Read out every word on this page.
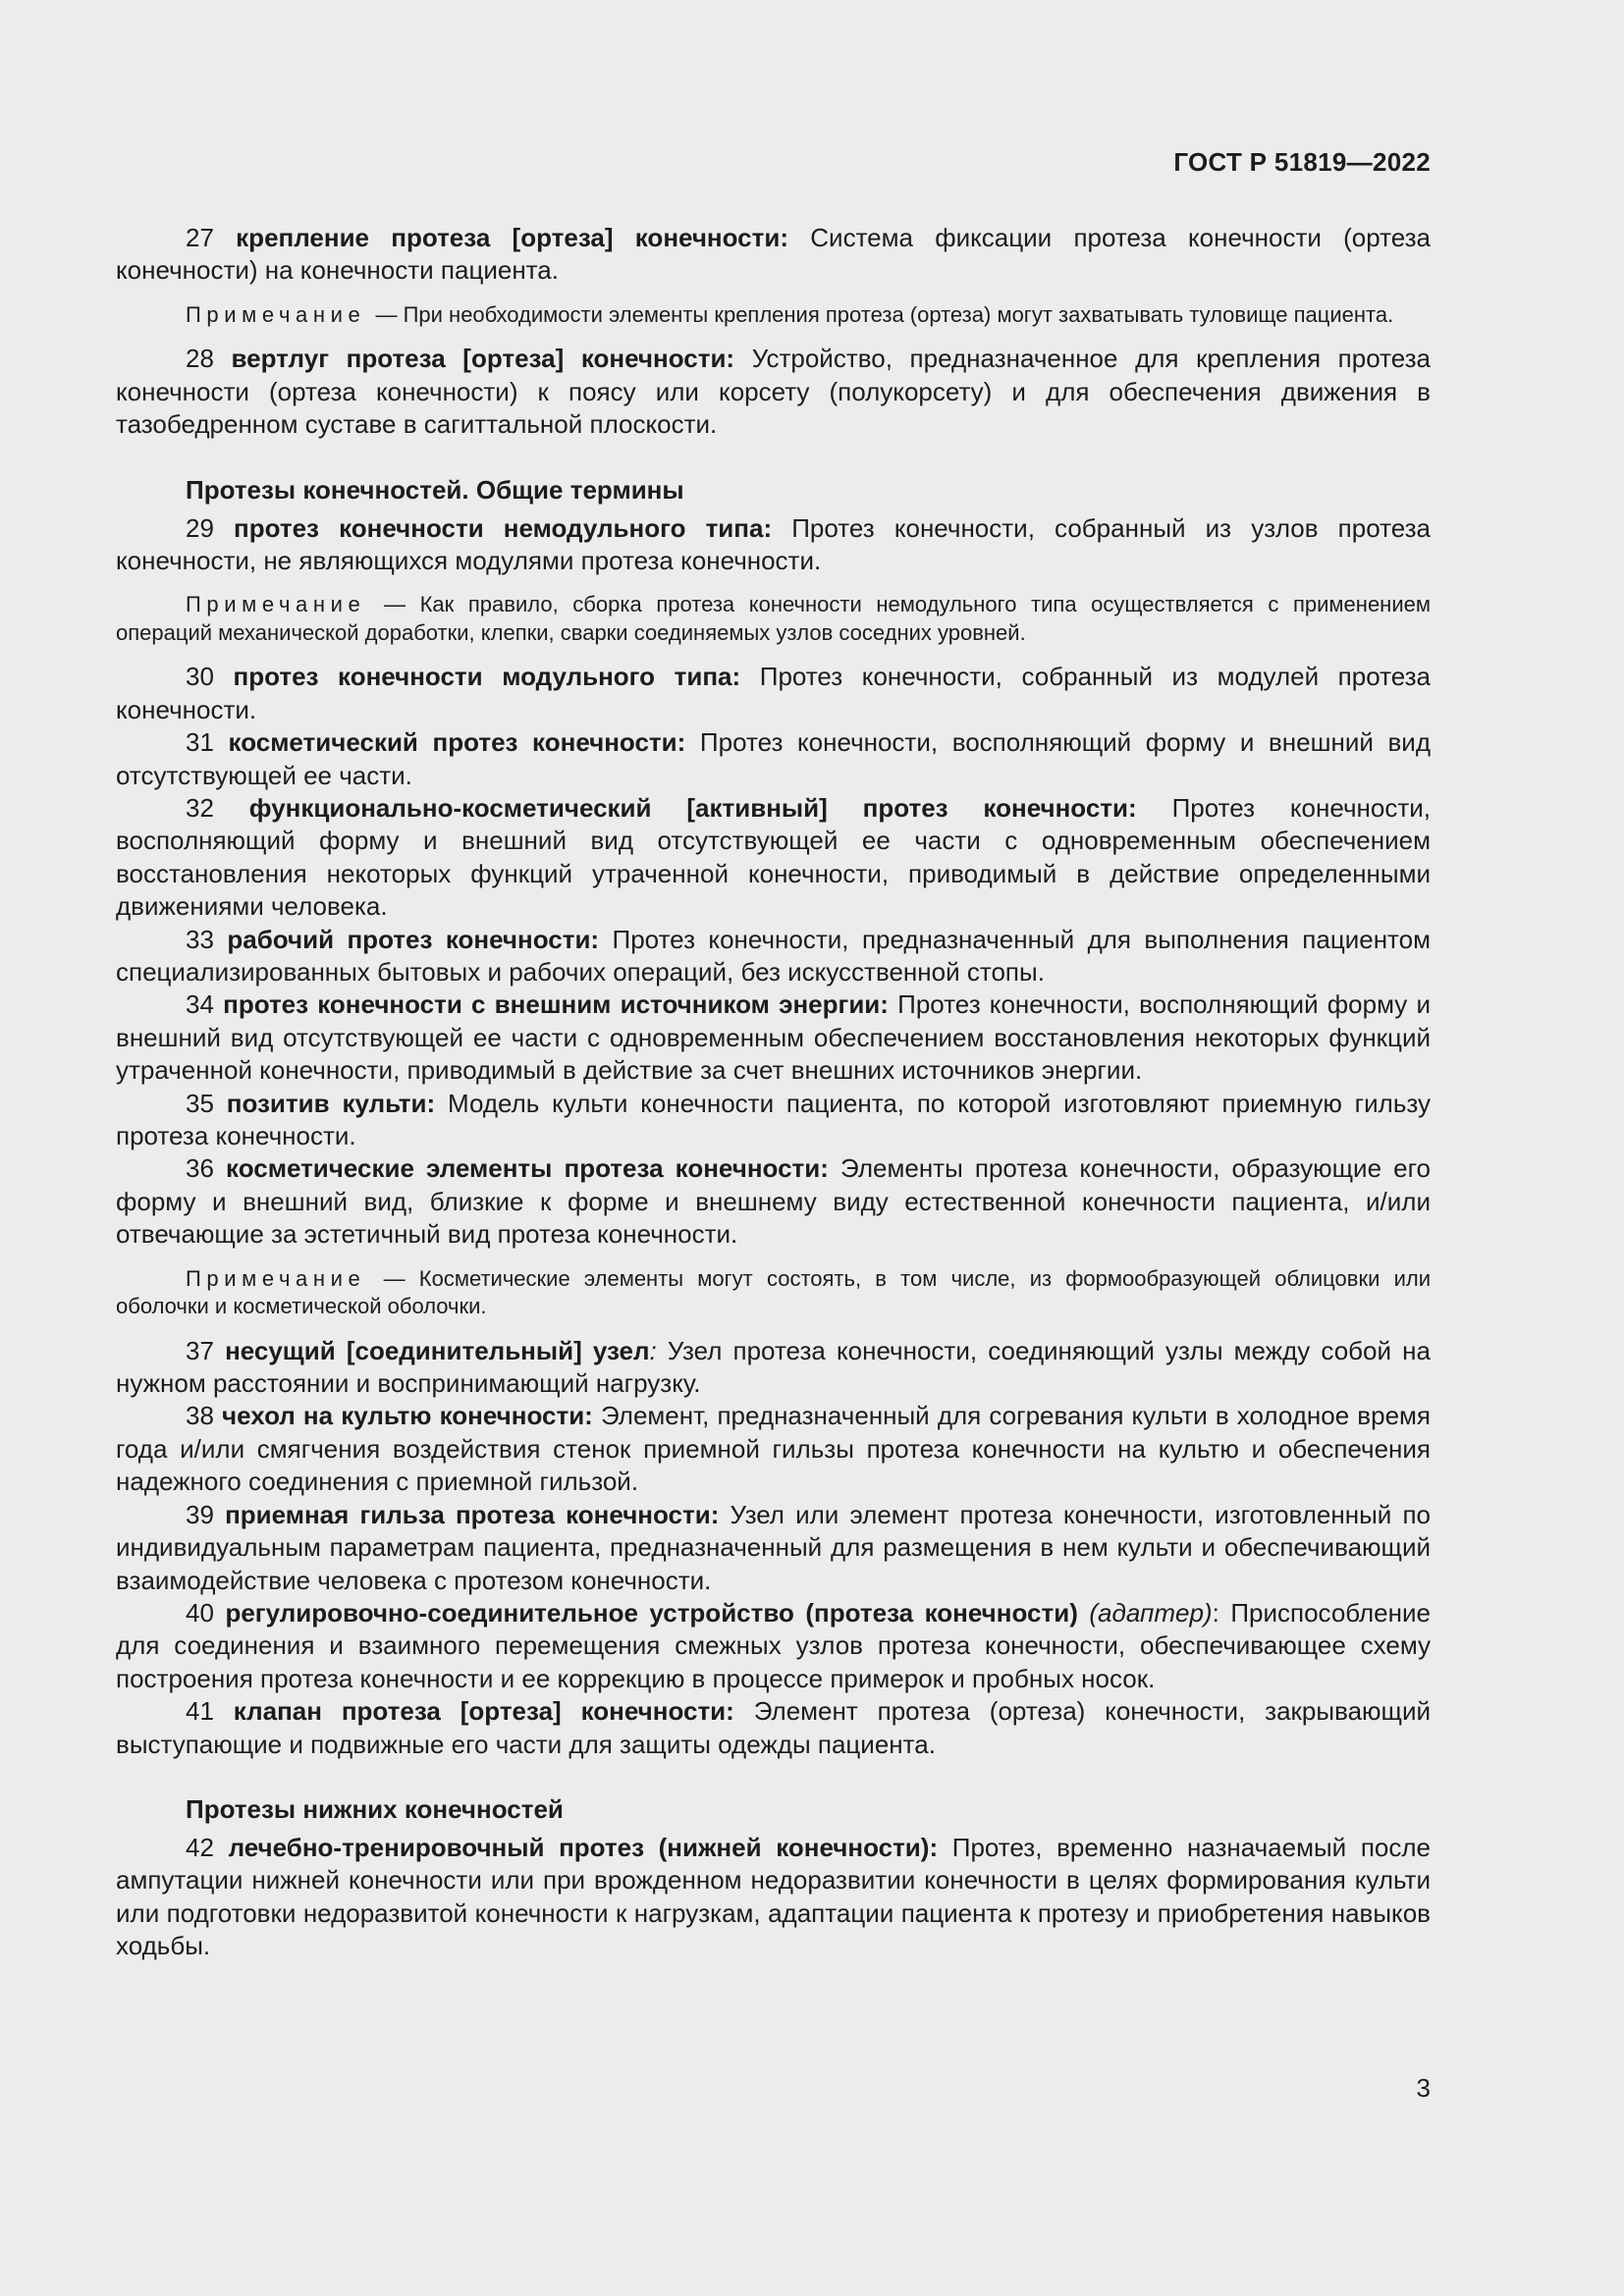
ГОСТ Р 51819—2022

27 крепление протеза [ортеза] конечности: Система фиксации протеза конечности (ортеза конечности) на конечности пациента.

Примечание — При необходимости элементы крепления протеза (ортеза) могут захватывать туловище пациента.

28 вертлуг протеза [ортеза] конечности: Устройство, предназначенное для крепления протеза конечности (ортеза конечности) к поясу или корсету (полукорсету) и для обеспечения движения в тазобедренном суставе в сагиттальной плоскости.

Протезы конечностей. Общие термины

29 протез конечности немодульного типа: Протез конечности, собранный из узлов протеза конечности, не являющихся модулями протеза конечности.

Примечание — Как правило, сборка протеза конечности немодульного типа осуществляется с применением операций механической доработки, клепки, сварки соединяемых узлов соседних уровней.

30 протез конечности модульного типа: Протез конечности, собранный из модулей протеза конечности.

31 косметический протез конечности: Протез конечности, восполняющий форму и внешний вид отсутствующей ее части.

32 функционально-косметический [активный] протез конечности: Протез конечности, восполняющий форму и внешний вид отсутствующей ее части с одновременным обеспечением восстановления некоторых функций утраченной конечности, приводимый в действие определенными движениями человека.

33 рабочий протез конечности: Протез конечности, предназначенный для выполнения пациентом специализированных бытовых и рабочих операций, без искусственной стопы.

34 протез конечности с внешним источником энергии: Протез конечности, восполняющий форму и внешний вид отсутствующей ее части с одновременным обеспечением восстановления некоторых функций утраченной конечности, приводимый в действие за счет внешних источников энергии.

35 позитив культи: Модель культи конечности пациента, по которой изготовляют приемную гильзу протеза конечности.

36 косметические элементы протеза конечности: Элементы протеза конечности, образующие его форму и внешний вид, близкие к форме и внешнему виду естественной конечности пациента, и/или отвечающие за эстетичный вид протеза конечности.

Примечание — Косметические элементы могут состоять, в том числе, из формообразующей облицовки или оболочки и косметической оболочки.

37 несущий [соединительный] узел: Узел протеза конечности, соединяющий узлы между собой на нужном расстоянии и воспринимающий нагрузку.

38 чехол на культю конечности: Элемент, предназначенный для согревания культи в холодное время года и/или смягчения воздействия стенок приемной гильзы протеза конечности на культю и обеспечения надежного соединения с приемной гильзой.

39 приемная гильза протеза конечности: Узел или элемент протеза конечности, изготовленный по индивидуальным параметрам пациента, предназначенный для размещения в нем культи и обеспечивающий взаимодействие человека с протезом конечности.

40 регулировочно-соединительное устройство (протеза конечности) (адаптер): Приспособление для соединения и взаимного перемещения смежных узлов протеза конечности, обеспечивающее схему построения протеза конечности и ее коррекцию в процессе примерок и пробных носок.

41 клапан протеза [ортеза] конечности: Элемент протеза (ортеза) конечности, закрывающий выступающие и подвижные его части для защиты одежды пациента.

Протезы нижних конечностей

42 лечебно-тренировочный протез (нижней конечности): Протез, временно назначаемый после ампутации нижней конечности или при врожденном недоразвитии конечности в целях формирования культи или подготовки недоразвитой конечности к нагрузкам, адаптации пациента к протезу и приобретения навыков ходьбы.

3
